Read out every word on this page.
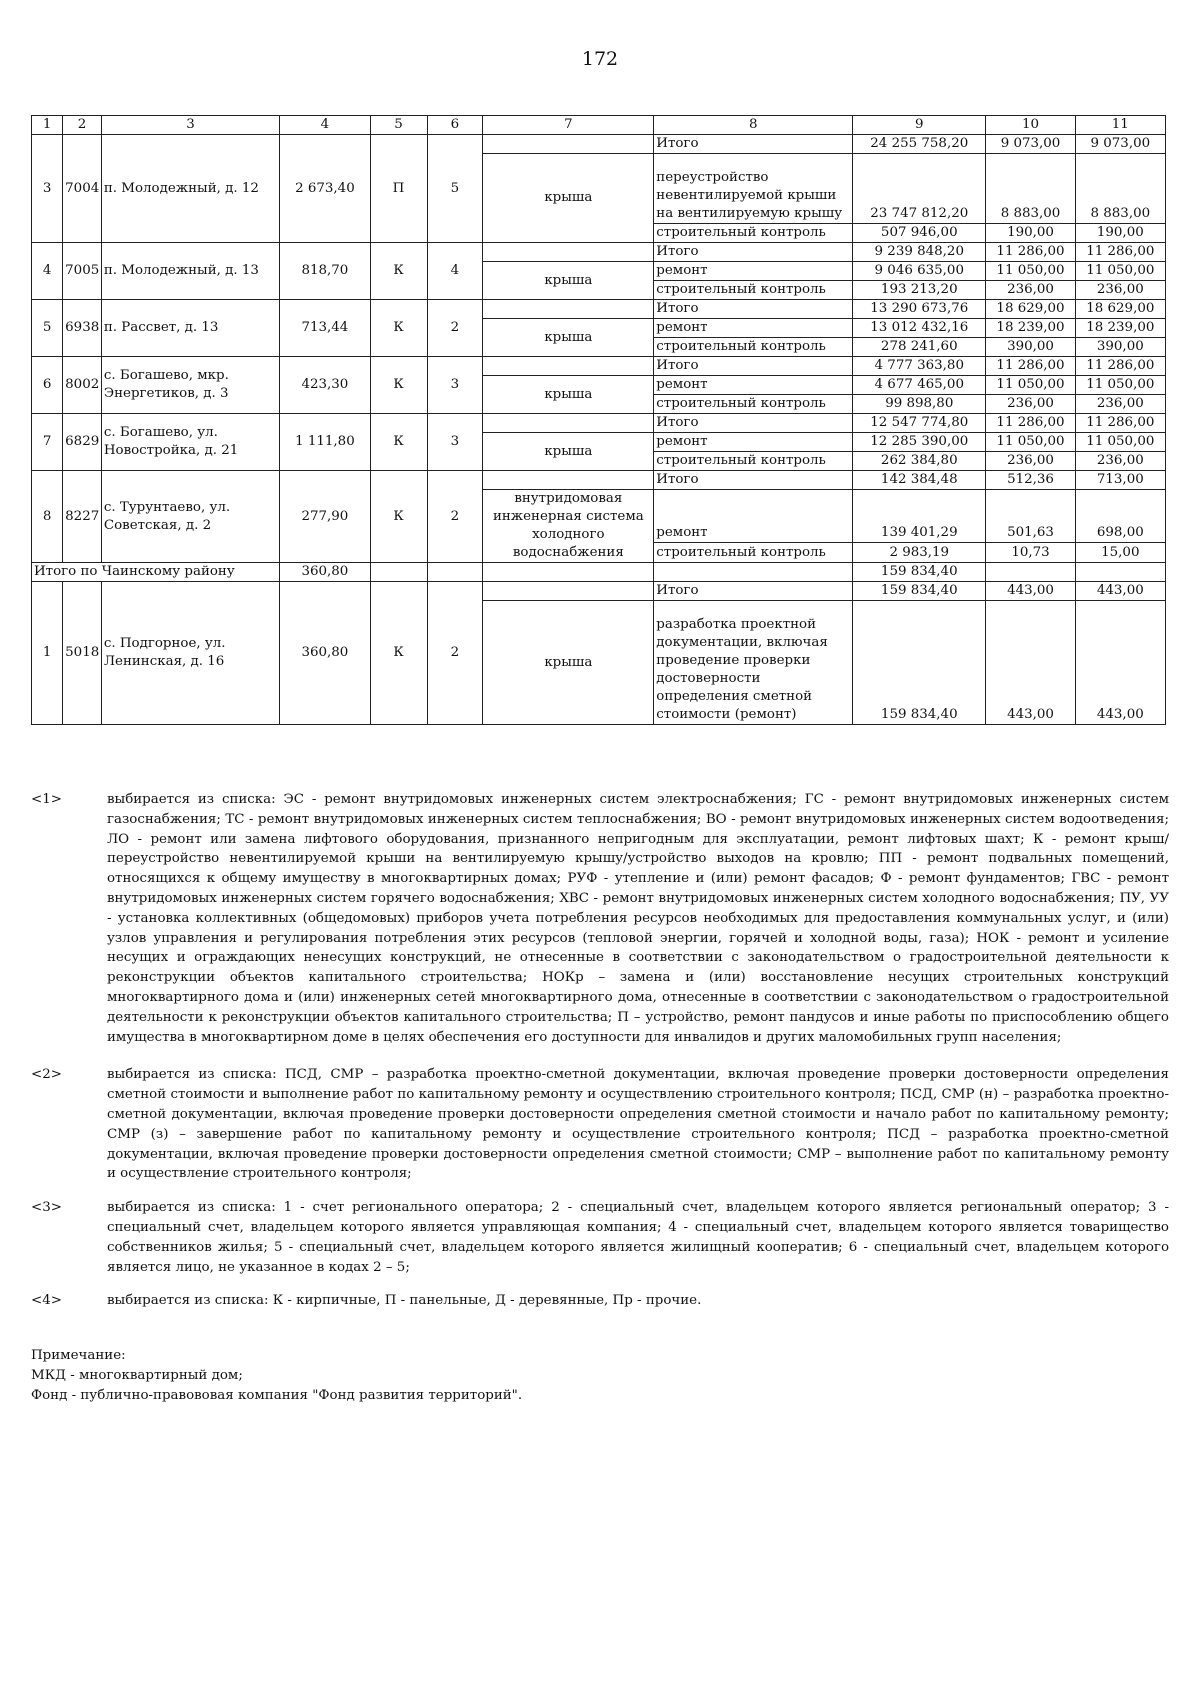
172
1	2	3	4	5	6	7	8	9	10	11
3	7004	п. Молодежный, д. 12	2 673,40	П	5		Итого	24 255 758,20	9 073,00	9 073,00
						крыша	переустройство невентилируемой крыши на вентилируемую крышу	23 747 812,20	8 883,00	8 883,00
							строительный контроль	507 946,00	190,00	190,00
4	7005	п. Молодежный, д. 13	818,70	К	4		Итого	9 239 848,20	11 286,00	11 286,00
						крыша	ремонт	9 046 635,00	11 050,00	11 050,00
							строительный контроль	193 213,20	236,00	236,00
5	6938	п. Рассвет, д. 13	713,44	К	2		Итого	13 290 673,76	18 629,00	18 629,00
						крыша	ремонт	13 012 432,16	18 239,00	18 239,00
							строительный контроль	278 241,60	390,00	390,00
6	8002	с. Богашево, мкр. Энергетиков, д. 3	423,30	К	3		Итого	4 777 363,80	11 286,00	11 286,00
						крыша	ремонт	4 677 465,00	11 050,00	11 050,00
							строительный контроль	99 898,80	236,00	236,00
7	6829	с. Богашево, ул. Новостройка, д. 21	1 111,80	К	3		Итого	12 547 774,80	11 286,00	11 286,00
						крыша	ремонт	12 285 390,00	11 050,00	11 050,00
							строительный контроль	262 384,80	236,00	236,00
8	8227	с. Турунтаево, ул. Советская, д. 2	277,90	К	2		Итого	142 384,48	512,36	713,00
						внутридомовая инженерная система холодного водоснабжения	ремонт	139 401,29	501,63	698,00
							строительный контроль	2 983,19	10,73	15,00
Итого по Чаинскому району			360,80					159 834,40		
1	5018	с. Подгорное, ул. Ленинская, д. 16	360,80	К	2		Итого	159 834,40	443,00	443,00
						крыша	разработка проектной документации, включая проведение проверки достоверности определения сметной стоимости (ремонт)	159 834,40	443,00	443,00
<1>	выбирается из списка: ЭС - ремонт внутридомовых инженерных систем электроснабжения; ГС - ремонт внутридомовых инженерных систем газоснабжения; ТС - ремонт внутридомовых инженерных систем теплоснабжения; ВО - ремонт внутридомовых инженерных систем водоотведения; ЛО - ремонт или замена лифтового оборудования, признанного непригодным для эксплуатации, ремонт лифтовых шахт; К - ремонт крыш/переустройство невентилируемой крыши на вентилируемую крышу/устройство выходов на кровлю; ПП - ремонт подвальных помещений, относящихся к общему имуществу в многоквартирных домах; РУФ - утепление и (или) ремонт фасадов; Ф - ремонт фундаментов; ГВС - ремонт внутридомовых инженерных систем горячего водоснабжения; ХВС - ремонт внутридомовых инженерных систем холодного водоснабжения; ПУ, УУ - установка коллективных (общедомовых) приборов учета потребления ресурсов необходимых для предоставления коммунальных услуг, и (или) узлов управления и регулирования потребления этих ресурсов (тепловой энергии, горячей и холодной воды, газа); НОК - ремонт и усиление несущих и ограждающих ненесущих конструкций, не отнесенные в соответствии с законодательством о градостроительной деятельности к реконструкции объектов капитального строительства; НОКр – замена и (или) восстановление несущих строительных конструкций многоквартирного дома и (или) инженерных сетей многоквартирного дома, отнесенные в соответствии с законодательством о градостроительной деятельности к реконструкции объектов капитального строительства; П – устройство, ремонт пандусов и иные работы по приспособлению общего имущества в многоквартирном доме в целях обеспечения его доступности для инвалидов и других маломобильных групп населения;
<2>	выбирается из списка: ПСД, СМР – разработка проектно-сметной документации, включая проведение проверки достоверности определения сметной стоимости и выполнение работ по капитальному ремонту и осуществлению строительного контроля; ПСД, СМР (н) – разработка проектно-сметной документации, включая проведение проверки достоверности определения сметной стоимости и начало работ по капитальному ремонту; СМР (з) – завершение работ по капитальному ремонту и осуществление строительного контроля; ПСД – разработка проектно-сметной документации, включая проведение проверки достоверности определения сметной стоимости; СМР – выполнение работ по капитальному ремонту и осуществление строительного контроля;
<3>	выбирается из списка: 1 - счет регионального оператора; 2 - специальный счет, владельцем которого является региональный оператор; 3 - специальный счет, владельцем которого является управляющая компания; 4 - специальный счет, владельцем которого является товарищество собственников жилья; 5 - специальный счет, владельцем которого является жилищный кооператив; 6 - специальный счет, владельцем которого является лицо, не указанное в кодах 2 – 5;
<4>	выбирается из списка: К - кирпичные, П - панельные, Д - деревянные, Пр - прочие.
Примечание:
МКД - многоквартирный дом;
Фонд - публично-правововая компания "Фонд развития территорий".
